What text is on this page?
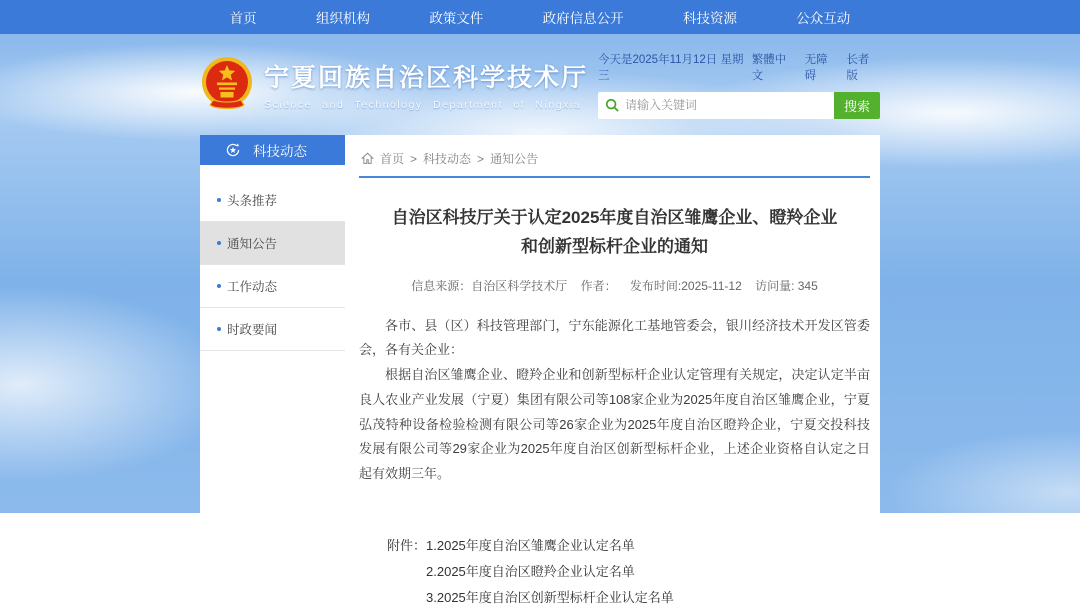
首页	组织机构	政策文件	政府信息公开	科技资源	公众互动
宁夏回族自治区科学技术厅
Science and Technology Department of Ningxia
今天是2025年11月12日 星期三
繁體中文
无障碍
长者版
请输入关键词
搜索
科技动态
头条推荐
通知公告
工作动态
时政要闻
首页 > 科技动态 > 通知公告
自治区科技厅关于认定2025年度自治区雏鹰企业、瞪羚企业
和创新型标杆企业的通知
信息来源：自治区科学技术厅 作者： 发布时间:2025-11-12 访问量: 345

各市、县（区）科技管理部门，宁东能源化工基地管委会，银川经济技术开发区管委会，各有关企业：

根据自治区雏鹰企业、瞪羚企业和创新型标杆企业认定管理有关规定，决定认定半亩良人农业产业发展（宁夏）集团有限公司等108家企业为2025年度自治区雏鹰企业，宁夏弘茂特种设备检验检测有限公司等26家企业为2025年度自治区瞪羚企业，宁夏交投科技发展有限公司等29家企业为2025年度自治区创新型标杆企业，上述企业资格自认定之日起有效期三年。

附件： 1.2025年度自治区雏鹰企业认定名单
2.2025年度自治区瞪羚企业认定名单
3.2025年度自治区创新型标杆企业认定名单
